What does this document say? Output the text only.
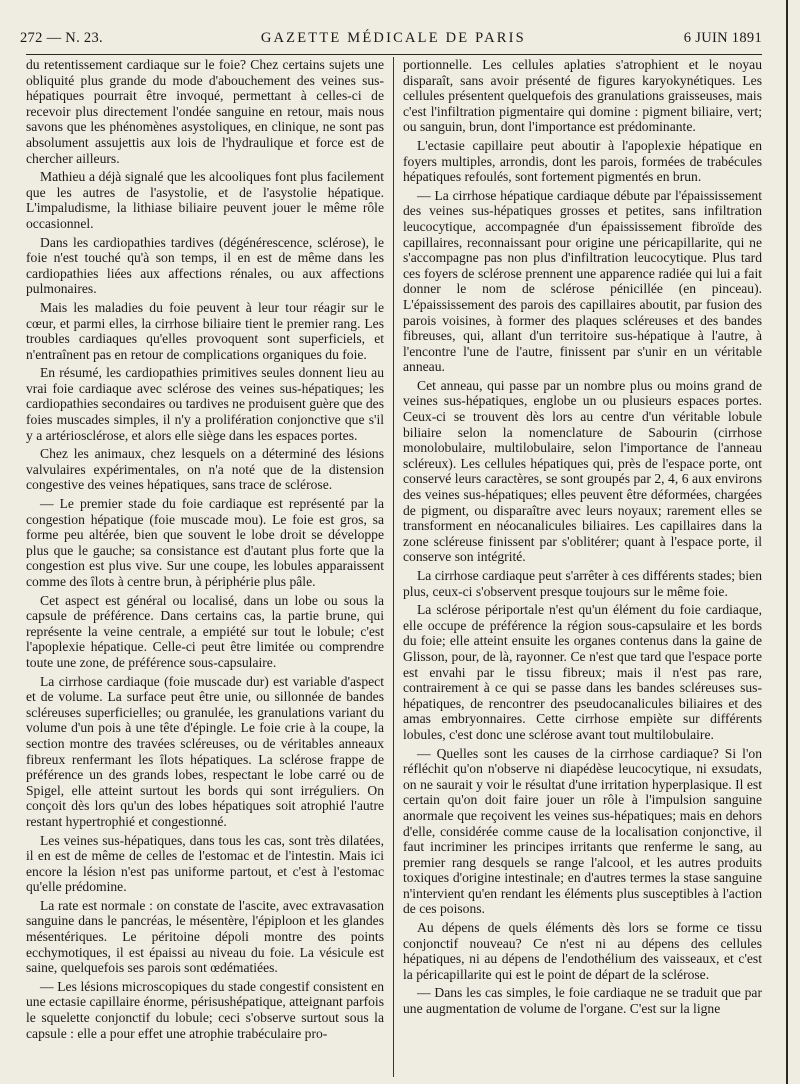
272 — N. 23.	GAZETTE MÉDICALE DE PARIS	6 JUIN 1891

du retentissement cardiaque sur le foie? Chez certains sujets une obliquité plus grande du mode d'abouchement des veines sus-hépatiques pourrait être invoqué, permettant à celles-ci de recevoir plus directement l'ondée sanguine en retour, mais nous savons que les phénomènes asystoliques, en clinique, ne sont pas absolument assujettis aux lois de l'hydraulique et force est de chercher ailleurs.

Mathieu a déjà signalé que les alcooliques font plus facilement que les autres de l'asystolie, et de l'asystolie hépatique. L'impaludisme, la lithiase biliaire peuvent jouer le même rôle occasionnel.

Dans les cardiopathies tardives (dégénérescence, sclérose), le foie n'est touché qu'à son temps, il en est de même dans les cardiopathies liées aux affections rénales, ou aux affections pulmonaires.

Mais les maladies du foie peuvent à leur tour réagir sur le cœur, et parmi elles, la cirrhose biliaire tient le premier rang. Les troubles cardiaques qu'elles provoquent sont superficiels, et n'entraînent pas en retour de complications organiques du foie.

En résumé, les cardiopathies primitives seules donnent lieu au vrai foie cardiaque avec sclérose des veines sus-hépatiques; les cardiopathies secondaires ou tardives ne produisent guère que des foies muscades simples, il n'y a prolifération conjonctive que s'il y a artériosclérose, et alors elle siège dans les espaces portes.

Chez les animaux, chez lesquels on a déterminé des lésions valvulaires expérimentales, on n'a noté que de la distension congestive des veines hépatiques, sans trace de sclérose.

— Le premier stade du foie cardiaque est représenté par la congestion hépatique (foie muscade mou). Le foie est gros, sa forme peu altérée, bien que souvent le lobe droit se développe plus que le gauche; sa consistance est d'autant plus forte que la congestion est plus vive. Sur une coupe, les lobules apparaissent comme des îlots à centre brun, à périphérie plus pâle.

Cet aspect est général ou localisé, dans un lobe ou sous la capsule de préférence. Dans certains cas, la partie brune, qui représente la veine centrale, a empiété sur tout le lobule; c'est l'apoplexie hépatique. Celle-ci peut être limitée ou comprendre toute une zone, de préférence sous-capsulaire.

La cirrhose cardiaque (foie muscade dur) est variable d'aspect et de volume. La surface peut être unie, ou sillonnée de bandes scléreuses superficielles; ou granulée, les granulations variant du volume d'un pois à une tête d'épingle. Le foie crie à la coupe, la section montre des travées scléreuses, ou de véritables anneaux fibreux renfermant les îlots hépatiques. La sclérose frappe de préférence un des grands lobes, respectant le lobe carré ou de Spigel, elle atteint surtout les bords qui sont irréguliers. On conçoit dès lors qu'un des lobes hépatiques soit atrophié l'autre restant hypertrophié et congestionné.

Les veines sus-hépatiques, dans tous les cas, sont très dilatées, il en est de même de celles de l'estomac et de l'intestin. Mais ici encore la lésion n'est pas uniforme partout, et c'est à l'estomac qu'elle prédomine.

La rate est normale : on constate de l'ascite, avec extravasation sanguine dans le pancréas, le mésentère, l'épiploon et les glandes mésentériques. Le péritoine dépoli montre des points ecchymotiques, il est épaissi au niveau du foie. La vésicule est saine, quelquefois ses parois sont œdématiées.

— Les lésions microscopiques du stade congestif consistent en une ectasie capillaire énorme, périsushépatique, atteignant parfois le squelette conjonctif du lobule; ceci s'observe surtout sous la capsule : elle a pour effet une atrophie trabéculaire pro-

portionnelle. Les cellules aplaties s'atrophient et le noyau disparaît, sans avoir présenté de figures karyokynétiques. Les cellules présentent quelquefois des granulations graisseuses, mais c'est l'infiltration pigmentaire qui domine : pigment biliaire, vert; ou sanguin, brun, dont l'importance est prédominante.

L'ectasie capillaire peut aboutir à l'apoplexie hépatique en foyers multiples, arrondis, dont les parois, formées de trabécules hépatiques refoulés, sont fortement pigmentés en brun.

— La cirrhose hépatique cardiaque débute par l'épaississement des veines sus-hépatiques grosses et petites, sans infiltration leucocytique, accompagnée d'un épaississement fibroïde des capillaires, reconnaissant pour origine une péricapillarite, qui ne s'accompagne pas non plus d'infiltration leucocytique. Plus tard ces foyers de sclérose prennent une apparence radiée qui lui a fait donner le nom de sclérose pénicillée (en pinceau). L'épaississement des parois des capillaires aboutit, par fusion des parois voisines, à former des plaques scléreuses et des bandes fibreuses, qui, allant d'un territoire sus-hépatique à l'autre, à l'encontre l'une de l'autre, finissent par s'unir en un véritable anneau.

Cet anneau, qui passe par un nombre plus ou moins grand de veines sus-hépatiques, englobe un ou plusieurs espaces portes. Ceux-ci se trouvent dès lors au centre d'un véritable lobule biliaire selon la nomenclature de Sabourin (cirrhose monolobulaire, multilobulaire, selon l'importance de l'anneau scléreux). Les cellules hépatiques qui, près de l'espace porte, ont conservé leurs caractères, se sont groupés par 2, 4, 6 aux environs des veines sus-hépatiques; elles peuvent être déformées, chargées de pigment, ou disparaître avec leurs noyaux; rarement elles se transforment en néocanalicules biliaires. Les capillaires dans la zone scléreuse finissent par s'oblitérer; quant à l'espace porte, il conserve son intégrité.

La cirrhose cardiaque peut s'arrêter à ces différents stades; bien plus, ceux-ci s'observent presque toujours sur le même foie.

La sclérose périportale n'est qu'un élément du foie cardiaque, elle occupe de préférence la région sous-capsulaire et les bords du foie; elle atteint ensuite les organes contenus dans la gaine de Glisson, pour, de là, rayonner. Ce n'est que tard que l'espace porte est envahi par le tissu fibreux; mais il n'est pas rare, contrairement à ce qui se passe dans les bandes scléreuses sus-hépatiques, de rencontrer des pseudocanalicules biliaires et des amas embryonnaires. Cette cirrhose empiète sur différents lobules, c'est donc une sclérose avant tout multilobulaire.

— Quelles sont les causes de la cirrhose cardiaque? Si l'on réfléchit qu'on n'observe ni diapédèse leucocytique, ni exsudats, on ne saurait y voir le résultat d'une irritation hyperplasique. Il est certain qu'on doit faire jouer un rôle à l'impulsion sanguine anormale que reçoivent les veines sus-hépatiques; mais en dehors d'elle, considérée comme cause de la localisation conjonctive, il faut incriminer les principes irritants que renferme le sang, au premier rang desquels se range l'alcool, et les autres produits toxiques d'origine intestinale; en d'autres termes la stase sanguine n'intervient qu'en rendant les éléments plus susceptibles à l'action de ces poisons.

Au dépens de quels éléments dès lors se forme ce tissu conjonctif nouveau? Ce n'est ni au dépens des cellules hépatiques, ni au dépens de l'endothélium des vaisseaux, et c'est la péricapillarite qui est le point de départ de la sclérose.

— Dans les cas simples, le foie cardiaque ne se traduit que par une augmentation de volume de l'organe. C'est sur la ligne
